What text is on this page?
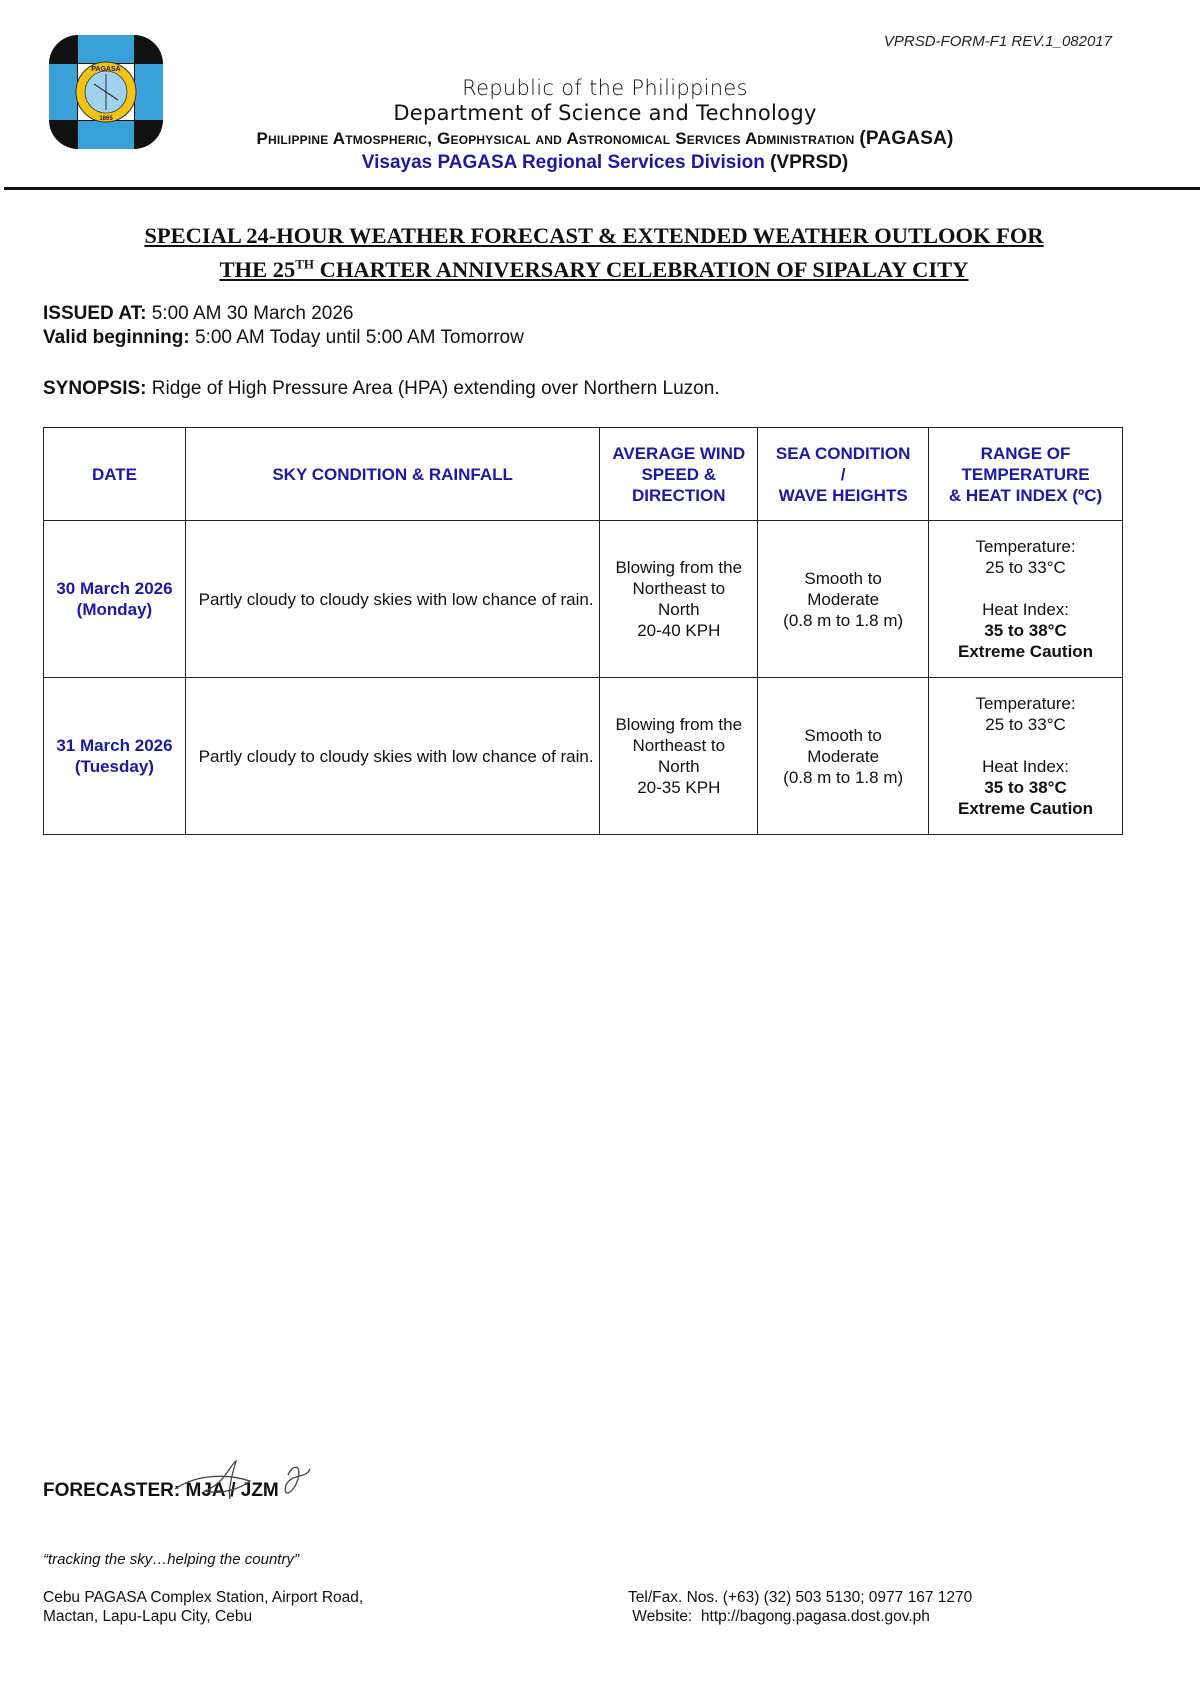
VPRSD-FORM-F1 REV.1_082017
PAGASA
1865
Republic of the Philippines
Department of Science and Technology
Philippine Atmospheric, Geophysical and Astronomical Services Administration (PAGASA)
Visayas PAGASA Regional Services Division (VPRSD)
SPECIAL 24-HOUR WEATHER FORECAST & EXTENDED WEATHER OUTLOOK FOR
THE 25TH CHARTER ANNIVERSARY CELEBRATION OF SIPALAY CITY
ISSUED AT: 5:00 AM 30 March 2026
Valid beginning: 5:00 AM Today until 5:00 AM Tomorrow
SYNOPSIS: Ridge of High Pressure Area (HPA) extending over Northern Luzon.
DATE	SKY CONDITION & RAINFALL	AVERAGE WIND
SPEED &
DIRECTION	SEA CONDITION
/
WAVE HEIGHTS	RANGE OF
TEMPERATURE
& HEAT INDEX (ºC)
30 March 2026
(Monday)	Partly cloudy to cloudy skies with low chance of rain.	Blowing from the
Northeast to
North
20-40 KPH	Smooth to
Moderate
(0.8 m to 1.8 m)	Temperature:
25 to 33°C

Heat Index:
35 to 38°C
Extreme Caution
31 March 2026
(Tuesday)	Partly cloudy to cloudy skies with low chance of rain.	Blowing from the
Northeast to
North
20-35 KPH	Smooth to
Moderate
(0.8 m to 1.8 m)	Temperature:
25 to 33°C

Heat Index:
35 to 38°C
Extreme Caution
FORECASTER: MJA / JZM
“tracking the sky…helping the country”
Cebu PAGASA Complex Station, Airport Road,
Mactan, Lapu-Lapu City, Cebu
Tel/Fax. Nos. (+63) (32) 503 5130; 0977 167 1270
Website:  http://bagong.pagasa.dost.gov.ph
